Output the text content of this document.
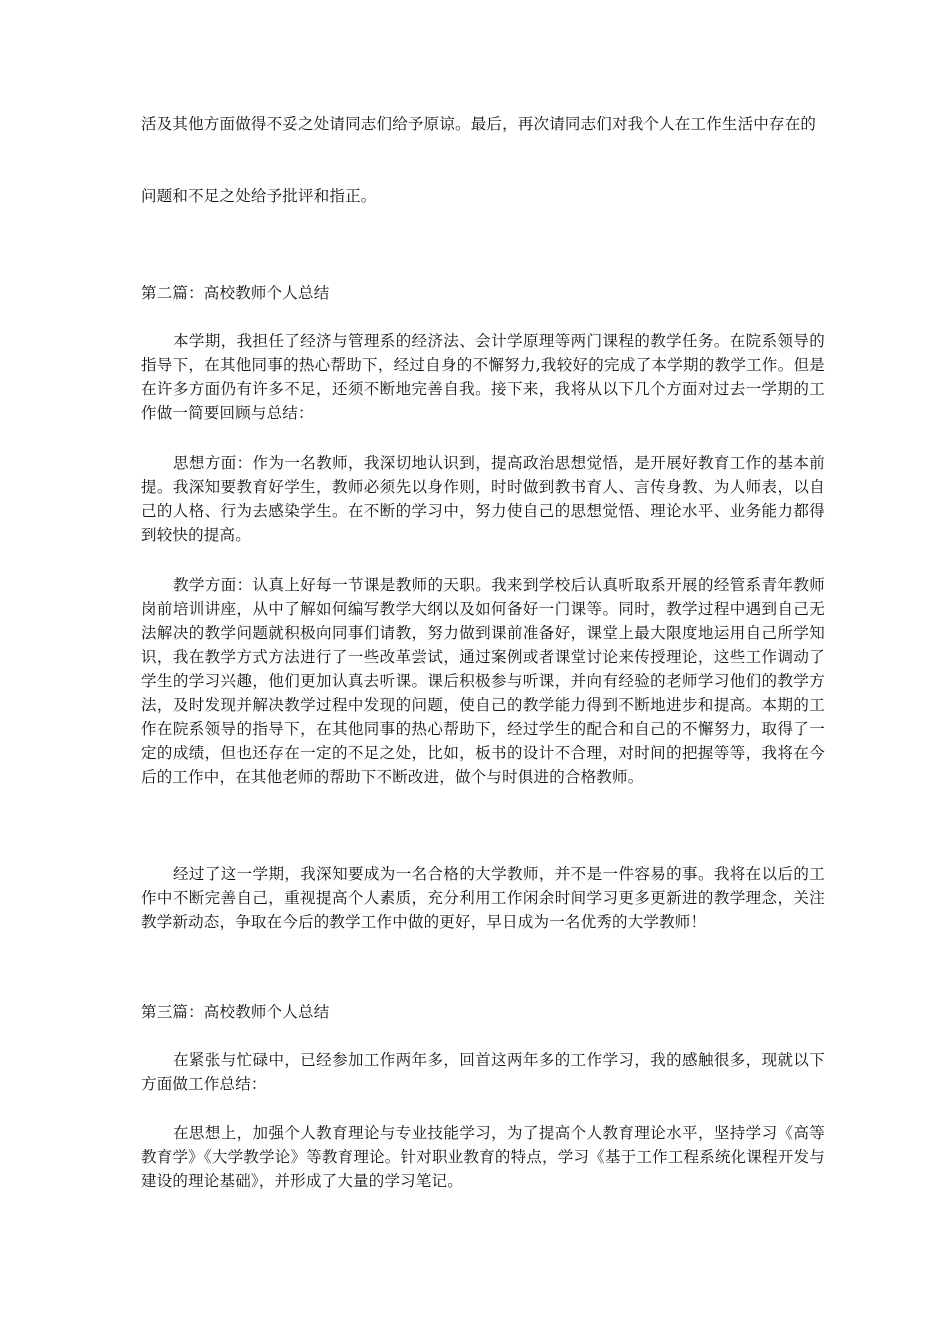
活及其他方面做得不妥之处请同志们给予原谅。最后，再次请同志们对我个人在工作生活中存在的

问题和不足之处给予批评和指正。

第二篇：高校教师个人总结

本学期，我担任了经济与管理系的经济法、会计学原理等两门课程的教学任务。在院系领导的指导下，在其他同事的热心帮助下，经过自身的不懈努力,我较好的完成了本学期的教学工作。但是在许多方面仍有许多不足，还须不断地完善自我。接下来，我将从以下几个方面对过去一学期的工作做一简要回顾与总结：

思想方面：作为一名教师，我深切地认识到，提高政治思想觉悟，是开展好教育工作的基本前提。我深知要教育好学生，教师必须先以身作则，时时做到教书育人、言传身教、为人师表，以自己的人格、行为去感染学生。在不断的学习中，努力使自己的思想觉悟、理论水平、业务能力都得到较快的提高。

教学方面：认真上好每一节课是教师的天职。我来到学校后认真听取系开展的经管系青年教师岗前培训讲座，从中了解如何编写教学大纲以及如何备好一门课等。同时，教学过程中遇到自己无法解决的教学问题就积极向同事们请教，努力做到课前准备好，课堂上最大限度地运用自己所学知识，我在教学方式方法进行了一些改革尝试，通过案例或者课堂讨论来传授理论，这些工作调动了学生的学习兴趣，他们更加认真去听课。课后积极参与听课，并向有经验的老师学习他们的教学方法，及时发现并解决教学过程中发现的问题，使自己的教学能力得到不断地进步和提高。本期的工作在院系领导的指导下，在其他同事的热心帮助下，经过学生的配合和自己的不懈努力，取得了一定的成绩，但也还存在一定的不足之处，比如，板书的设计不合理，对时间的把握等等，我将在今后的工作中，在其他老师的帮助下不断改进，做个与时俱进的合格教师。

经过了这一学期，我深知要成为一名合格的大学教师，并不是一件容易的事。我将在以后的工作中不断完善自己，重视提高个人素质，充分利用工作闲余时间学习更多更新进的教学理念，关注教学新动态，争取在今后的教学工作中做的更好，早日成为一名优秀的大学教师！

第三篇：高校教师个人总结

在紧张与忙碌中，已经参加工作两年多，回首这两年多的工作学习，我的感触很多，现就以下方面做工作总结：

在思想上，加强个人教育理论与专业技能学习，为了提高个人教育理论水平，坚持学习《高等教育学》《大学教学论》等教育理论。针对职业教育的特点，学习《基于工作工程系统化课程开发与建设的理论基础》，并形成了大量的学习笔记。
